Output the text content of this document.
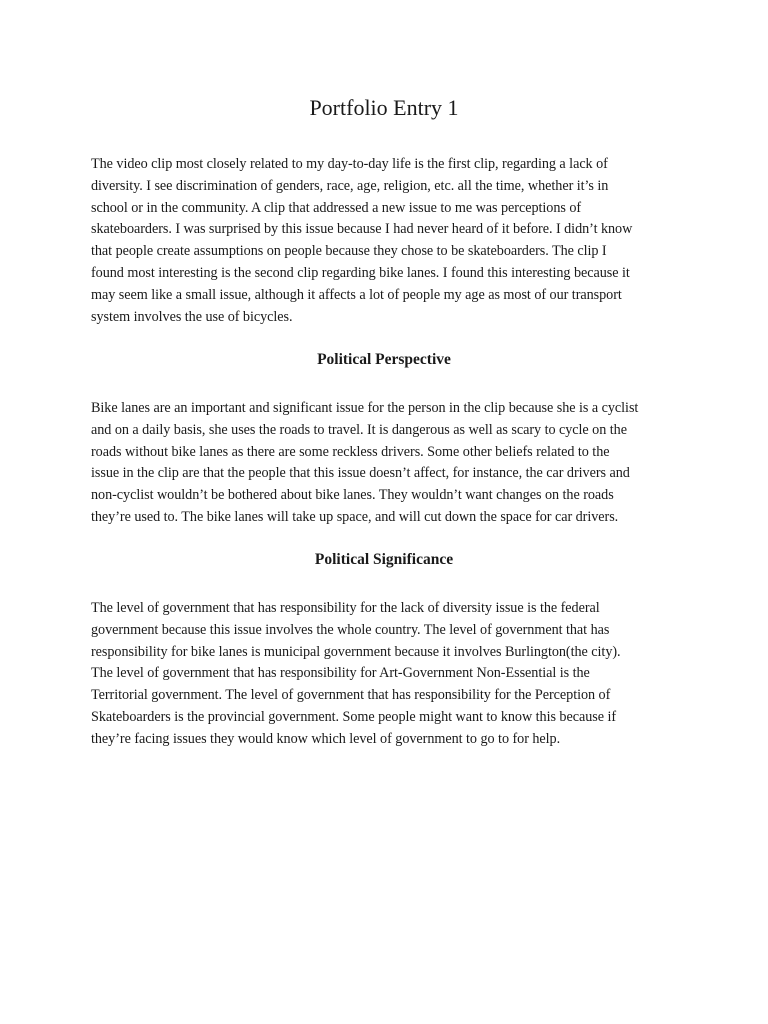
Portfolio Entry 1

The video clip most closely related to my day-to-day life is the first clip, regarding a lack of
diversity. I see discrimination of genders, race, age, religion, etc. all the time, whether it’s in
school or in the community. A clip that addressed a new issue to me was perceptions of
skateboarders. I was surprised by this issue because I had never heard of it before. I didn’t know
that people create assumptions on people because they chose to be skateboarders. The clip I
found most interesting is the second clip regarding bike lanes. I found this interesting because it
may seem like a small issue, although it affects a lot of people my age as most of our transport
system involves the use of bicycles.

Political Perspective

Bike lanes are an important and significant issue for the person in the clip because she is a cyclist
and on a daily basis, she uses the roads to travel. It is dangerous as well as scary to cycle on the
roads without bike lanes as there are some reckless drivers. Some other beliefs related to the
issue in the clip are that the people that this issue doesn’t affect, for instance, the car drivers and
non-cyclist wouldn’t be bothered about bike lanes. They wouldn’t want changes on the roads
they’re used to. The bike lanes will take up space, and will cut down the space for car drivers.

Political Significance

The level of government that has responsibility for the lack of diversity issue is the federal
government because this issue involves the whole country. The level of government that has
responsibility for bike lanes is municipal government because it involves Burlington(the city).
The level of government that has responsibility for Art-Government Non-Essential is the
Territorial government. The level of government that has responsibility for the Perception of
Skateboarders is the provincial government. Some people might want to know this because if
they’re facing issues they would know which level of government to go to for help.
